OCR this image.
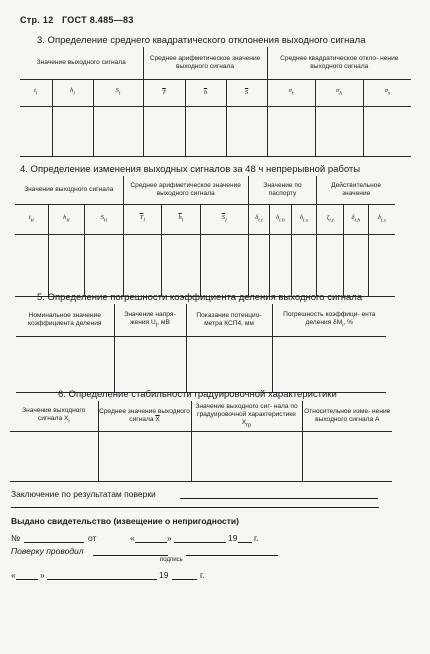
Стр. 12 ГОСТ 8.485—83
3. Определение среднего квадратического отклонения выходного сигнала
Значение выходного сигнала			Среднее арифметическое значение выходного сигнала			Среднее квадратическое откло- нение выходного сигнала		
$t_i$	$h_i$	$S_i$	$\overline{T}$	$\overline{h}$	$\overline{S}$	$\sigma_t$	$\sigma_h$	$\sigma_s$

4. Определение изменения выходных сигналов за 48 ч непрерывной работы
Значение выходного сигнала			Среднее арифметическое значение выходного сигнала			Значение по паспорту			Действительное значение		
$t_{ti}$	$h_{ti}$	$S_{ti}$	$\overline{T}_l$	$\overline{h}_l$	$\overline{S}_l$	$\delta_{t.t}$	$\delta_{t.h}$	$\delta_{t.s}$	$\zeta_{t.t}$	$\delta_{t.h}$	$\delta_{t.s}$

5. Определение погрешности коэффициента деления выходного сигнала
Номинальное значение коэффициента деления	Значение напря- жения $U_t$, мВ	Показание потенцио- метра КСП4, мм	Погрешность коэффици- ента деления $\delta M_i$, %

6. Определение стабильности градуировочной характеристики
Значение выходного сигнала $X_i$	Среднее значение выходного сигнала $\overline{X}$	Значение выходного сиг- нала по градуировочной характеристике $X_{гр}$	Относительное изме- нение выходного сигнала A

Заключение по результатам поверки
Выдано свидетельство (извещение о непригодности)
№	от	«	»	19 г.
Поверку проводил
подпись
«	»	19	г.
